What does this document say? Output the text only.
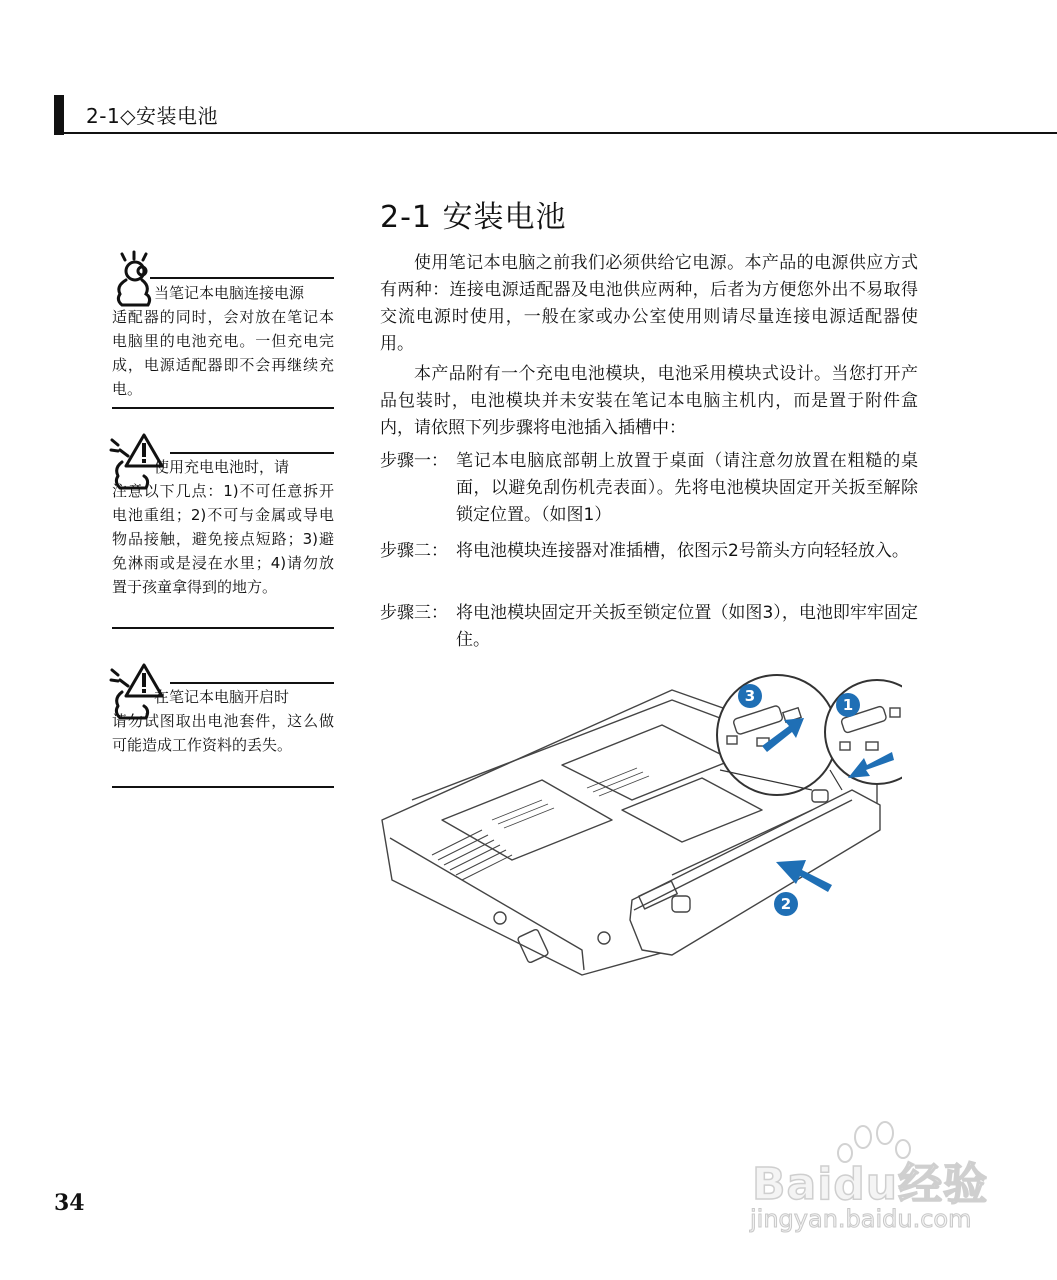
2-1◇安装电池
2-1 安装电池
使用笔记本电脑之前我们必须供给它电源。本产品的电源供应方式有两种：连接电源适配器及电池供应两种，后者为方便您外出不易取得交流电源时使用，一般在家或办公室使用则请尽量连接电源适配器使用。
本产品附有一个充电电池模块，电池采用模块式设计。当您打开产品包装时，电池模块并未安装在笔记本电脑主机内，而是置于附件盒内，请依照下列步骤将电池插入插槽中：
步骤一： 笔记本电脑底部朝上放置于桌面（请注意勿放置在粗糙的桌面，以避免刮伤机壳表面）。先将电池模块固定开关扳至解除锁定位置。（如图1）
步骤二： 将电池模块连接器对准插槽，依图示2号箭头方向轻轻放入。
步骤三： 将电池模块固定开关扳至锁定位置（如图3），电池即牢牢固定住。
当笔记本电脑连接电源
适配器的同时，会对放在笔记本电脑里的电池充电。一但充电完成，电源适配器即不会再继续充电。
使用充电电池时，请
注意以下几点：1)不可任意拆开电池重组；2)不可与金属或导电物品接触，避免接点短路；3)避免淋雨或是浸在水里；4)请勿放置于孩童拿得到的地方。
在笔记本电脑开启时
请勿试图取出电池套件，这么做可能造成工作资料的丢失。
3	1
2
34	Baidu经验
jingyan.baidu.com
